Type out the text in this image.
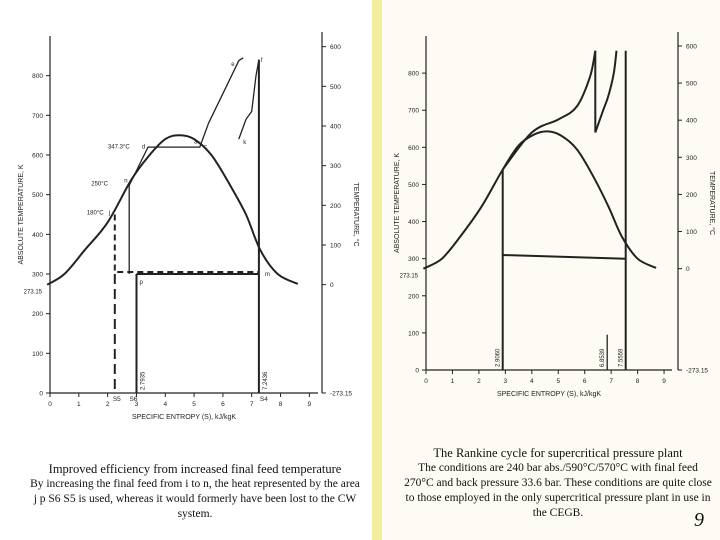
0	1	2	3	4	5	6	7	8	9
0
100
200
300
400
500
600
700
800
-273.15
0
100
200
300
400
500
600
273.15
SPECIFIC ENTROPY (S), kJ/kgK
ABSOLUTE TEMPERATURE, K	TEMPERATURE, °C
a
c
d
e
f
j
n
m
p
k
347.3°C
250°C
180°C
2.7935	7.2436
S5 S6	S4
Improved efficiency from increased final feed temperature
By increasing the final feed from i to n, the heat represented by the area j p S6 S5 is used, whereas it would formerly have been lost to the CW system.
0	1	2	3	4	5	6	7	8	9
0
100
200
300
400
500
600
700
800
-273.15
0
100
200
300
400
500
600
273.15
SPECIFIC ENTROPY (S), kJ/kgK
ABSOLUTE TEMPERATURE, K	TEMPERATURE, °C
2.9060	6.8539 7.5559
The Rankine cycle for supercritical pressure plant
The conditions are 240 bar abs./590°C/570°C with final feed 270°C and back pressure 33.6 bar. These conditions are quite close to those employed in the only supercritical pressure plant in use in the CEGB.	9
